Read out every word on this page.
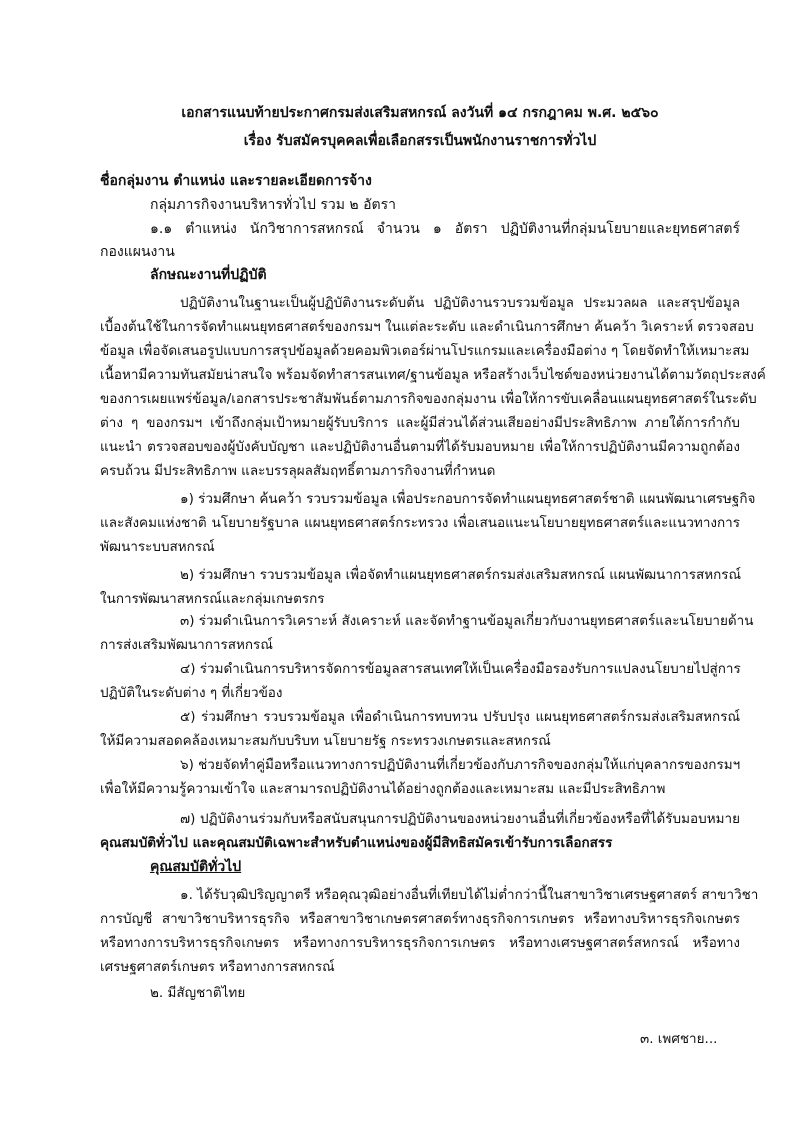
เอกสารแนบท้ายประกาศกรมส่งเสริมสหกรณ์ ลงวันที่ ๑๔ กรกฎาคม พ.ศ. ๒๕๖๐
เรื่อง รับสมัครบุคคลเพื่อเลือกสรรเป็นพนักงานราชการทั่วไป
ชื่อกลุ่มงาน ตำแหน่ง และรายละเอียดการจ้าง
กลุ่มภารกิจงานบริหารทั่วไป รวม ๒ อัตรา
๑.๑ ตำแหน่ง นักวิชาการสหกรณ์ จำนวน ๑ อัตรา ปฏิบัติงานที่กลุ่มนโยบายและยุทธศาสตร์
กองแผนงาน
ลักษณะงานที่ปฏิบัติ
ปฏิบัติงานในฐานะเป็นผู้ปฏิบัติงานระดับต้น ปฏิบัติงานรวบรวมข้อมูล ประมวลผล และสรุปข้อมูล
เบื้องต้นใช้ในการจัดทำแผนยุทธศาสตร์ของกรมฯ ในแต่ละระดับ และดำเนินการศึกษา ค้นคว้า วิเคราะห์ ตรวจสอบ
ข้อมูล เพื่อจัดเสนอรูปแบบการสรุปข้อมูลด้วยคอมพิวเตอร์ผ่านโปรแกรมและเครื่องมือต่าง ๆ โดยจัดทำให้เหมาะสม
เนื้อหามีความทันสมัยน่าสนใจ พร้อมจัดทำสารสนเทศ/ฐานข้อมูล หรือสร้างเว็บไซต์ของหน่วยงานได้ตามวัตถุประสงค์
ของการเผยแพร่ข้อมูล/เอกสารประชาสัมพันธ์ตามภารกิจของกลุ่มงาน เพื่อให้การขับเคลื่อนแผนยุทธศาสตร์ในระดับ
ต่าง ๆ ของกรมฯ เข้าถึงกลุ่มเป้าหมายผู้รับบริการ และผู้มีส่วนได้ส่วนเสียอย่างมีประสิทธิภาพ ภายใต้การกำกับ
แนะนำ ตรวจสอบของผู้บังคับบัญชา และปฏิบัติงานอื่นตามที่ได้รับมอบหมาย เพื่อให้การปฏิบัติงานมีความถูกต้อง
ครบถ้วน มีประสิทธิภาพ และบรรลุผลสัมฤทธิ์ตามภารกิจงานที่กำหนด
๑) ร่วมศึกษา ค้นคว้า รวบรวมข้อมูล เพื่อประกอบการจัดทำแผนยุทธศาสตร์ชาติ แผนพัฒนาเศรษฐกิจ
และสังคมแห่งชาติ นโยบายรัฐบาล แผนยุทธศาสตร์กระทรวง เพื่อเสนอแนะนโยบายยุทธศาสตร์และแนวทางการ
พัฒนาระบบสหกรณ์
๒) ร่วมศึกษา รวบรวมข้อมูล เพื่อจัดทำแผนยุทธศาสตร์กรมส่งเสริมสหกรณ์ แผนพัฒนาการสหกรณ์
ในการพัฒนาสหกรณ์และกลุ่มเกษตรกร
๓) ร่วมดำเนินการวิเคราะห์ สังเคราะห์ และจัดทำฐานข้อมูลเกี่ยวกับงานยุทธศาสตร์และนโยบายด้าน
การส่งเสริมพัฒนาการสหกรณ์
๔) ร่วมดำเนินการบริหารจัดการข้อมูลสารสนเทศให้เป็นเครื่องมือรองรับการแปลงนโยบายไปสู่การ
ปฏิบัติในระดับต่าง ๆ ที่เกี่ยวข้อง
๕) ร่วมศึกษา รวบรวมข้อมูล เพื่อดำเนินการทบทวน ปรับปรุง แผนยุทธศาสตร์กรมส่งเสริมสหกรณ์
ให้มีความสอดคล้องเหมาะสมกับบริบท นโยบายรัฐ กระทรวงเกษตรและสหกรณ์
๖) ช่วยจัดทำคู่มือหรือแนวทางการปฏิบัติงานที่เกี่ยวข้องกับภารกิจของกลุ่มให้แก่บุคลากรของกรมฯ
เพื่อให้มีความรู้ความเข้าใจ และสามารถปฏิบัติงานได้อย่างถูกต้องและเหมาะสม และมีประสิทธิภาพ
๗) ปฏิบัติงานร่วมกับหรือสนับสนุนการปฏิบัติงานของหน่วยงานอื่นที่เกี่ยวข้องหรือที่ได้รับมอบหมาย
คุณสมบัติทั่วไป และคุณสมบัติเฉพาะสำหรับตำแหน่งของผู้มีสิทธิสมัครเข้ารับการเลือกสรร
คุณสมบัติทั่วไป
๑. ได้รับวุฒิปริญญาตรี หรือคุณวุฒิอย่างอื่นที่เทียบได้ไม่ต่ำกว่านี้ในสาขาวิชาเศรษฐศาสตร์ สาขาวิชา
การบัญชี สาขาวิชาบริหารธุรกิจ หรือสาขาวิชาเกษตรศาสตร์ทางธุรกิจการเกษตร หรือทางบริหารธุรกิจเกษตร
หรือทางการบริหารธุรกิจเกษตร หรือทางการบริหารธุรกิจการเกษตร หรือทางเศรษฐศาสตร์สหกรณ์ หรือทาง
เศรษฐศาสตร์เกษตร หรือทางการสหกรณ์
๒. มีสัญชาติไทย
๓. เพศชาย...
